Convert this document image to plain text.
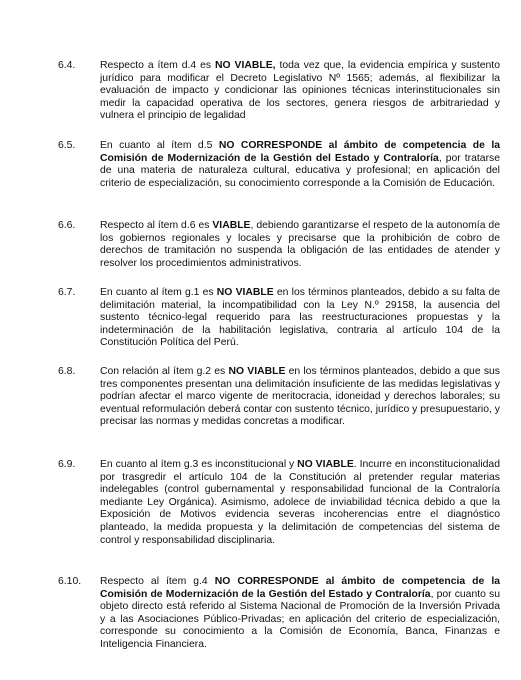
6.4. Respecto a ítem d.4 es NO VIABLE, toda vez que, la evidencia empírica y sustento jurídico para modificar el Decreto Legislativo Nº 1565; además, al flexibilizar la evaluación de impacto y condicionar las opiniones técnicas interinstitucionales sin medir la capacidad operativa de los sectores, genera riesgos de arbitrariedad y vulnera el principio de legalidad
6.5. En cuanto al ítem d.5 NO CORRESPONDE al ámbito de competencia de la Comisión de Modernización de la Gestión del Estado y Contraloría, por tratarse de una materia de naturaleza cultural, educativa y profesional; en aplicación del criterio de especialización, su conocimiento corresponde a la Comisión de Educación.
6.6. Respecto al ítem d.6 es VIABLE, debiendo garantizarse el respeto de la autonomía de los gobiernos regionales y locales y precisarse que la prohibición de cobro de derechos de tramitación no suspenda la obligación de las entidades de atender y resolver los procedimientos administrativos.
6.7. En cuanto al ítem g.1 es NO VIABLE en los términos planteados, debido a su falta de delimitación material, la incompatibilidad con la Ley N.º 29158, la ausencia del sustento técnico-legal requerido para las reestructuraciones propuestas y la indeterminación de la habilitación legislativa, contraria al artículo 104 de la Constitución Política del Perú.
6.8. Con relación al ítem g.2 es NO VIABLE en los términos planteados, debido a que sus tres componentes presentan una delimitación insuficiente de las medidas legislativas y podrían afectar el marco vigente de meritocracia, idoneidad y derechos laborales; su eventual reformulación deberá contar con sustento técnico, jurídico y presupuestario, y precisar las normas y medidas concretas a modificar.
6.9. En cuanto al ítem g.3 es inconstitucional y NO VIABLE. Incurre en inconstitucionalidad por trasgredir el artículo 104 de la Constitución al pretender regular materias indelegables (control gubernamental y responsabilidad funcional de la Contraloría mediante Ley Orgánica). Asimismo, adolece de inviabilidad técnica debido a que la Exposición de Motivos evidencia severas incoherencias entre el diagnóstico planteado, la medida propuesta y la delimitación de competencias del sistema de control y responsabilidad disciplinaria.
6.10. Respecto al ítem g.4 NO CORRESPONDE al ámbito de competencia de la Comisión de Modernización de la Gestión del Estado y Contraloría, por cuanto su objeto directo está referido al Sistema Nacional de Promoción de la Inversión Privada y a las Asociaciones Público-Privadas; en aplicación del criterio de especialización, corresponde su conocimiento a la Comisión de Economía, Banca, Finanzas e Inteligencia Financiera.
